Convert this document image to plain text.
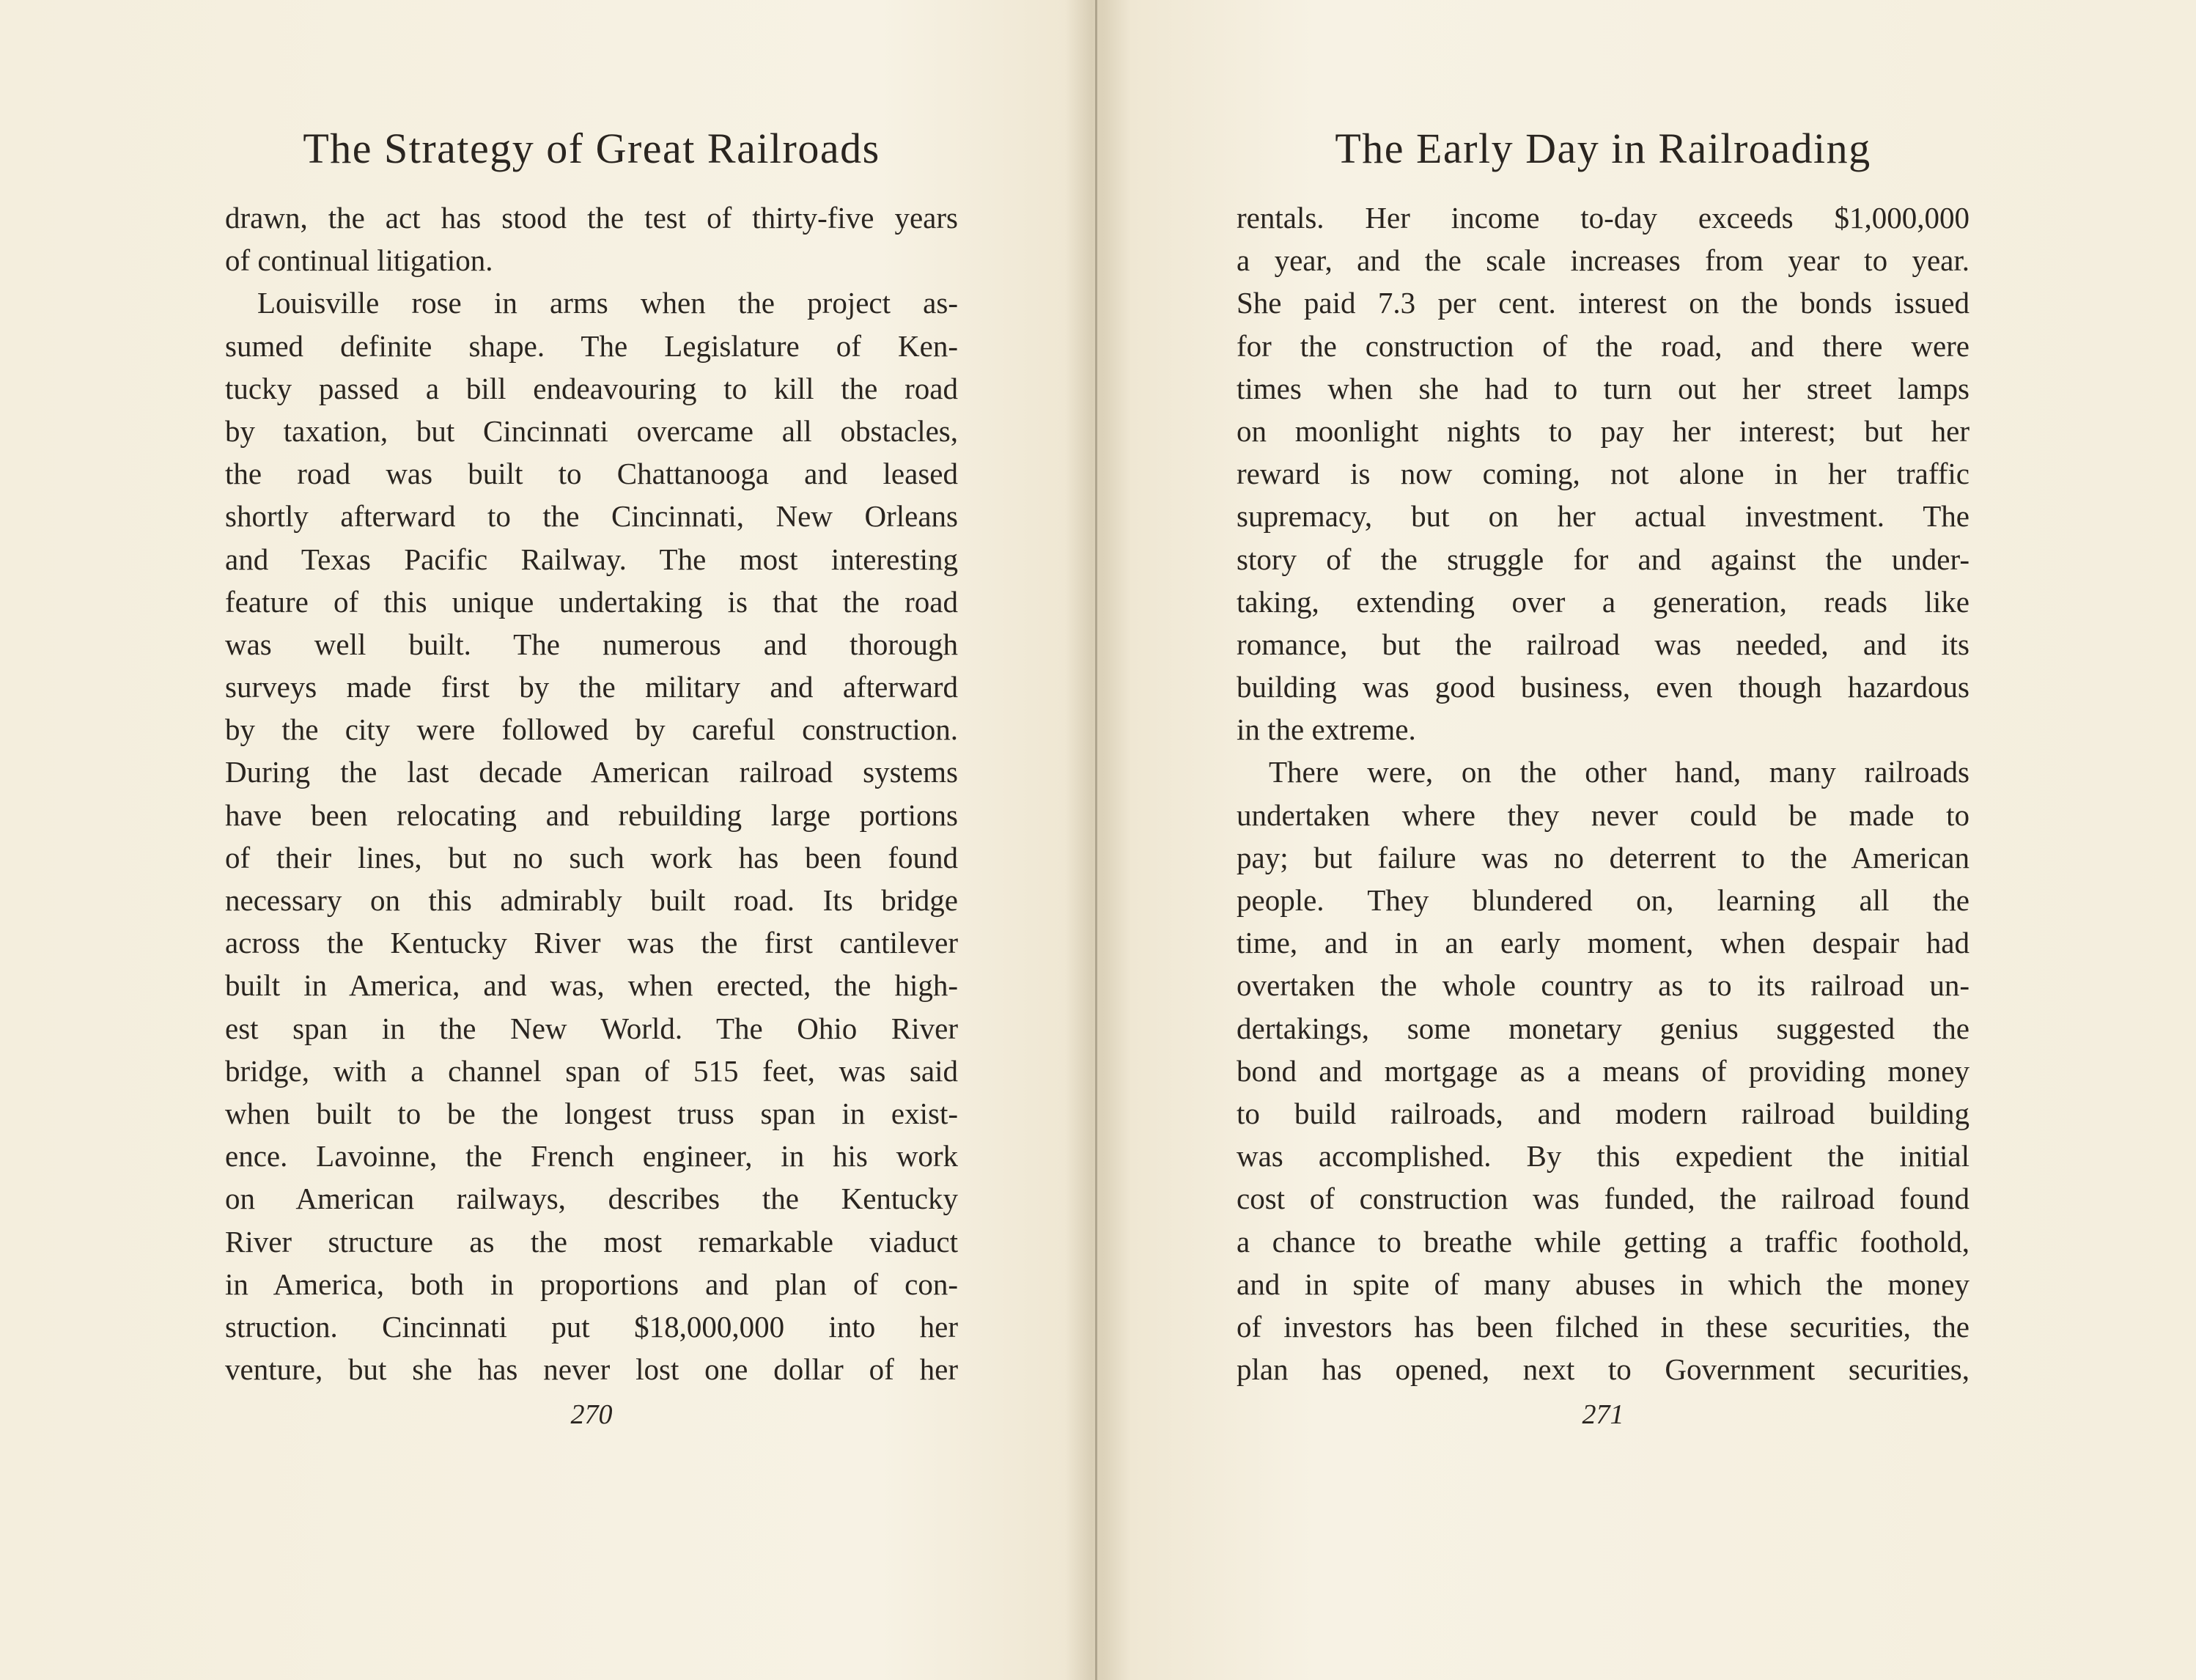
The Strategy of Great Railroads
drawn, the act has stood the test of thirty-five years
of continual litigation.
Louisville rose in arms when the project as-
sumed definite shape. The Legislature of Ken-
tucky passed a bill endeavouring to kill the road
by taxation, but Cincinnati overcame all obstacles,
the road was built to Chattanooga and leased
shortly afterward to the Cincinnati, New Orleans
and Texas Pacific Railway. The most interesting
feature of this unique undertaking is that the road
was well built. The numerous and thorough
surveys made first by the military and afterward
by the city were followed by careful construction.
During the last decade American railroad systems
have been relocating and rebuilding large portions
of their lines, but no such work has been found
necessary on this admirably built road. Its bridge
across the Kentucky River was the first cantilever
built in America, and was, when erected, the high-
est span in the New World. The Ohio River
bridge, with a channel span of 515 feet, was said
when built to be the longest truss span in exist-
ence. Lavoinne, the French engineer, in his work
on American railways, describes the Kentucky
River structure as the most remarkable viaduct
in America, both in proportions and plan of con-
struction. Cincinnati put $18,000,000 into her
venture, but she has never lost one dollar of her
270
The Early Day in Railroading
rentals. Her income to-day exceeds $1,000,000
a year, and the scale increases from year to year.
She paid 7.3 per cent. interest on the bonds issued
for the construction of the road, and there were
times when she had to turn out her street lamps
on moonlight nights to pay her interest; but her
reward is now coming, not alone in her traffic
supremacy, but on her actual investment. The
story of the struggle for and against the under-
taking, extending over a generation, reads like
romance, but the railroad was needed, and its
building was good business, even though hazardous
in the extreme.
There were, on the other hand, many railroads
undertaken where they never could be made to
pay; but failure was no deterrent to the American
people. They blundered on, learning all the
time, and in an early moment, when despair had
overtaken the whole country as to its railroad un-
dertakings, some monetary genius suggested the
bond and mortgage as a means of providing money
to build railroads, and modern railroad building
was accomplished. By this expedient the initial
cost of construction was funded, the railroad found
a chance to breathe while getting a traffic foothold,
and in spite of many abuses in which the money
of investors has been filched in these securities, the
plan has opened, next to Government securities,
271
